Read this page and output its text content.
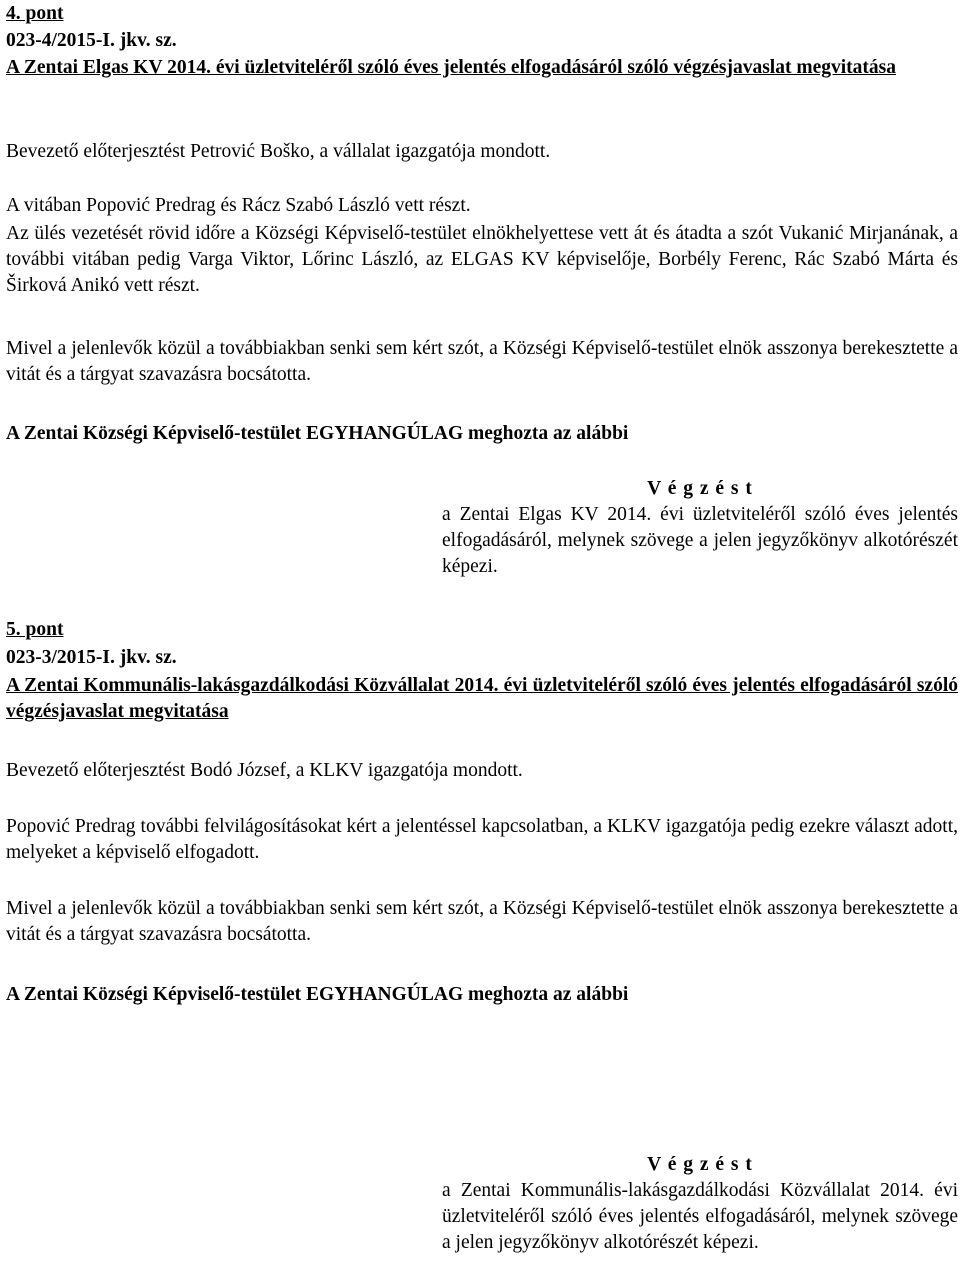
4. pont
023-4/2015-I. jkv. sz.
A Zentai Elgas KV 2014. évi üzletviteléről szóló éves jelentés elfogadásáról szóló végzésjavaslat megvitatása
Bevezető előterjesztést Petrović Boško, a vállalat igazgatója mondott.
A vitában Popović Predrag és Rácz Szabó László vett részt.
Az ülés vezetését rövid időre a Községi Képviselő-testület elnökhelyettese vett át és átadta a szót Vukanić Mirjanának, a további vitában pedig Varga Viktor, Lőrinc László, az ELGAS KV képviselője, Borbély Ferenc, Rác Szabó Márta és Širková Anikó vett részt.
Mivel a jelenlevők közül a továbbiakban senki sem kért szót, a Községi Képviselő-testület elnök asszonya berekesztette a vitát és a tárgyat szavazásra bocsátotta.
A Zentai Községi Képviselő-testület EGYHANGÚLAG meghozta az alábbi
V é g z é s t
a Zentai Elgas KV 2014. évi üzletviteléről szóló éves jelentés elfogadásáról, melynek szövege a jelen jegyzőkönyv alkotórészét képezi.
5. pont
023-3/2015-I. jkv. sz.
A Zentai Kommunális-lakásgazdálkodási Közvállalat 2014. évi üzletviteléről szóló éves jelentés elfogadásáról szóló végzésjavaslat megvitatása
Bevezető előterjesztést Bodó József, a KLKV igazgatója mondott.
Popović Predrag további felvilágosításokat kért a jelentéssel kapcsolatban, a KLKV igazgatója pedig ezekre választ adott, melyeket a képviselő elfogadott.
Mivel a jelenlevők közül a továbbiakban senki sem kért szót, a Községi Képviselő-testület elnök asszonya berekesztette a vitát és a tárgyat szavazásra bocsátotta.
A Zentai Községi Képviselő-testület EGYHANGÚLAG meghozta az alábbi
V é g z é s t
a Zentai Kommunális-lakásgazdálkodási Közvállalat 2014. évi üzletviteléről szóló éves jelentés elfogadásáról, melynek szövege a jelen jegyzőkönyv alkotórészét képezi.
